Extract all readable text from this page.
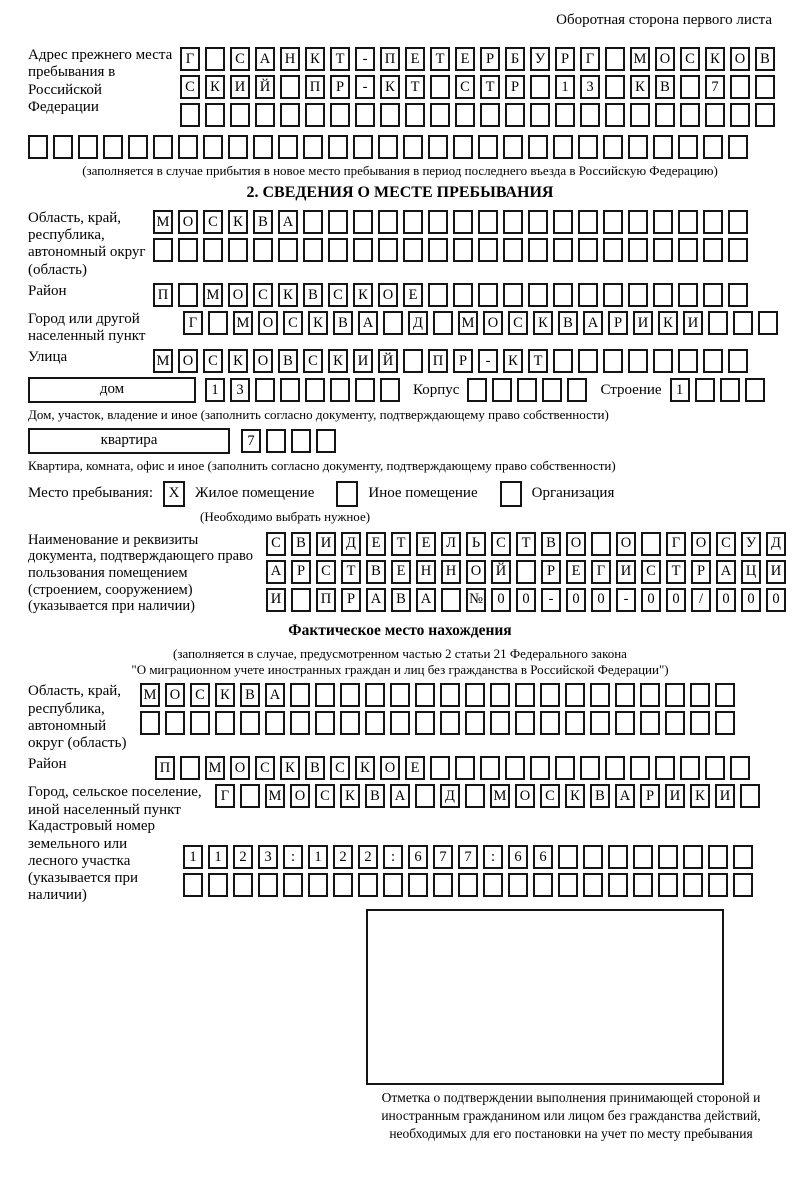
Оборотная сторона первого листа
Адрес прежнего места пребывания в Российской Федерации
Г	С	А	Н	К	Т	-	П	Е	Т	Е	Р	Б	У	Р	Г	М О	С	К	О	В
С	К	И	Й	П	Р	-	К	Т	С	Т	Р	1	3	К	В	7
(заполняется в случае прибытия в новое место пребывания в период последнего въезда в Российскую Федерацию)
2. СВЕДЕНИЯ О МЕСТЕ ПРЕБЫВАНИЯ
Область, край, республика, автономный округ (область)
М О	С	К	В	А
Район	П	М О	С	К	В	С	К	О	Е
Город или другой населенный пункт
Г	М О	С	К	В	А	Д	М О	С	К	В	А	Р	И	К	И
Улица	М О	С	К	О	В	С	К	И	Й	П	Р	-	К	Т
дом	1	3	Корпус	Строение 1
Дом, участок, владение и иное (заполнить согласно документу, подтверждающему право собственности)
квартира	7
Квартира, комната, офис и иное (заполнить согласно документу, подтверждающему право собственности)
Место пребывания:	X	Жилое помещение	Иное помещение	Организация
(Необходимо выбрать нужное)
Наименование и реквизиты документа, подтверждающего право пользования помещением (строением, сооружением) (указывается при наличии)
С	В	И	Д	Е	Т	Е	Л	Ь	С	Т	В	О	О	Г	О	С	У	Д
А	Р	С	Т	В	Е	Н	Н	О	Й	Р	Е	Г	И	С	Т	Р	А	Ц	И
И	П	Р	А	В	А	№ 0	0	-	0	0	-	0	0	/	0	0	0
Фактическое место нахождения
(заполняется в случае, предусмотренном частью 2 статьи 21 Федерального закона
"О миграционном учете иностранных граждан и лиц без гражданства в Российской Федерации")
Область, край, республика, автономный округ (область)
М О	С	К	В	А
Район	П	М О	С	К	В	С	К	О	Е
Город, сельское поселение, иной населенный пункт
Г	М О	С	К	В	А	Д	М О	С	К	В	А	Р	И	К	И
Кадастровый номер земельного или лесного участка (указывается при наличии)
1	1	2	3	:	1	2	2	:	6	7	7	:	6	6
Отметка о подтверждении выполнения принимающей стороной и иностранным гражданином или лицом без гражданства действий, необходимых для его постановки на учет по месту пребывания
